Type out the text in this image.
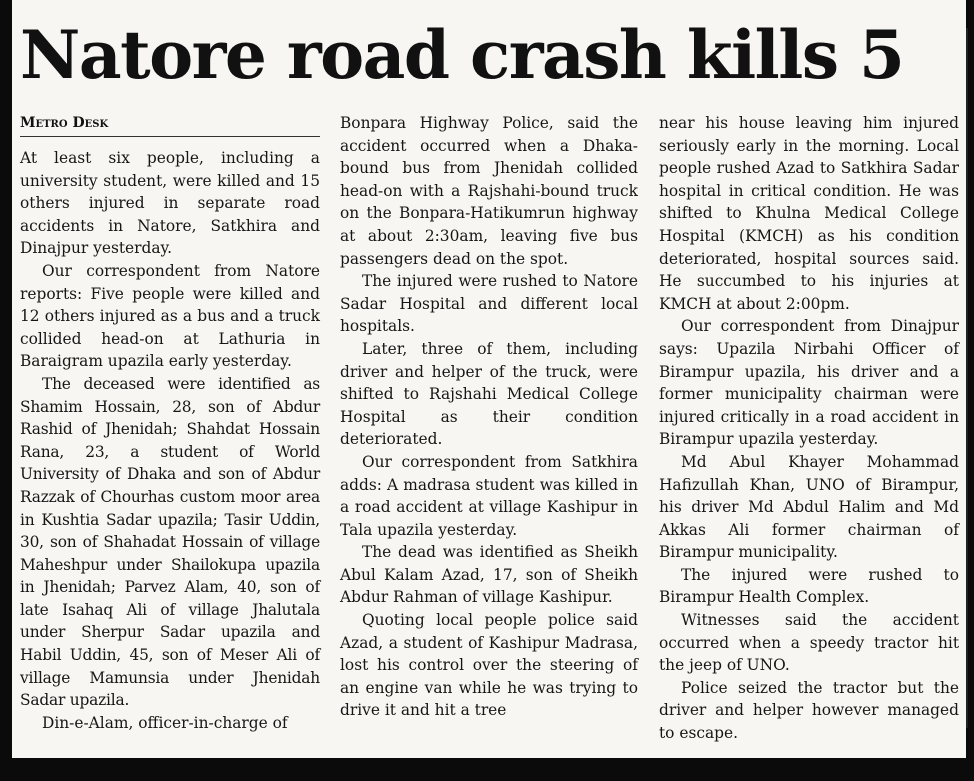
Natore road crash kills 5
Metro Desk

At least six people, including a university student, were killed and 15 others injured in separate road accidents in Natore, Satkhira and Dinajpur yesterday.

Our correspondent from Natore reports: Five people were killed and 12 others injured as a bus and a truck collided head-on at Lathuria in Baraigram upazila early yesterday.

The deceased were identified as Shamim Hossain, 28, son of Abdur Rashid of Jhenidah; Shahdat Hossain Rana, 23, a student of World University of Dhaka and son of Abdur Razzak of Chourhas custom moor area in Kushtia Sadar upazila; Tasir Uddin, 30, son of Shahadat Hossain of village Maheshpur under Shailokupa upazila in Jhenidah; Parvez Alam, 40, son of late Isahaq Ali of village Jhalutala under Sherpur Sadar upazila and Habil Uddin, 45, son of Meser Ali of village Mamunsia under Jhenidah Sadar upazila.

Din-e-Alam, officer-in-charge of

Bonpara Highway Police, said the accident occurred when a Dhaka-bound bus from Jhenidah collided head-on with a Rajshahi-bound truck on the Bonpara-Hatikumrun highway at about 2:30am, leaving five bus passengers dead on the spot.

The injured were rushed to Natore Sadar Hospital and different local hospitals.

Later, three of them, including driver and helper of the truck, were shifted to Rajshahi Medical College Hospital as their condition deteriorated.

Our correspondent from Satkhira adds: A madrasa student was killed in a road accident at village Kashipur in Tala upazila yesterday.

The dead was identified as Sheikh Abul Kalam Azad, 17, son of Sheikh Abdur Rahman of village Kashipur.

Quoting local people police said Azad, a student of Kashipur Madrasa, lost his control over the steering of an engine van while he was trying to drive it and hit a tree

near his house leaving him injured seriously early in the morning. Local people rushed Azad to Satkhira Sadar hospital in critical condition. He was shifted to Khulna Medical College Hospital (KMCH) as his condition deteriorated, hospital sources said. He succumbed to his injuries at KMCH at about 2:00pm.

Our correspondent from Dinajpur says: Upazila Nirbahi Officer of Birampur upazila, his driver and a former municipality chairman were injured critically in a road accident in Birampur upazila yesterday.

Md Abul Khayer Mohammad Hafizullah Khan, UNO of Birampur, his driver Md Abdul Halim and Md Akkas Ali former chairman of Birampur municipality.

The injured were rushed to Birampur Health Complex.

Witnesses said the accident occurred when a speedy tractor hit the jeep of UNO.

Police seized the tractor but the driver and helper however managed to escape.
